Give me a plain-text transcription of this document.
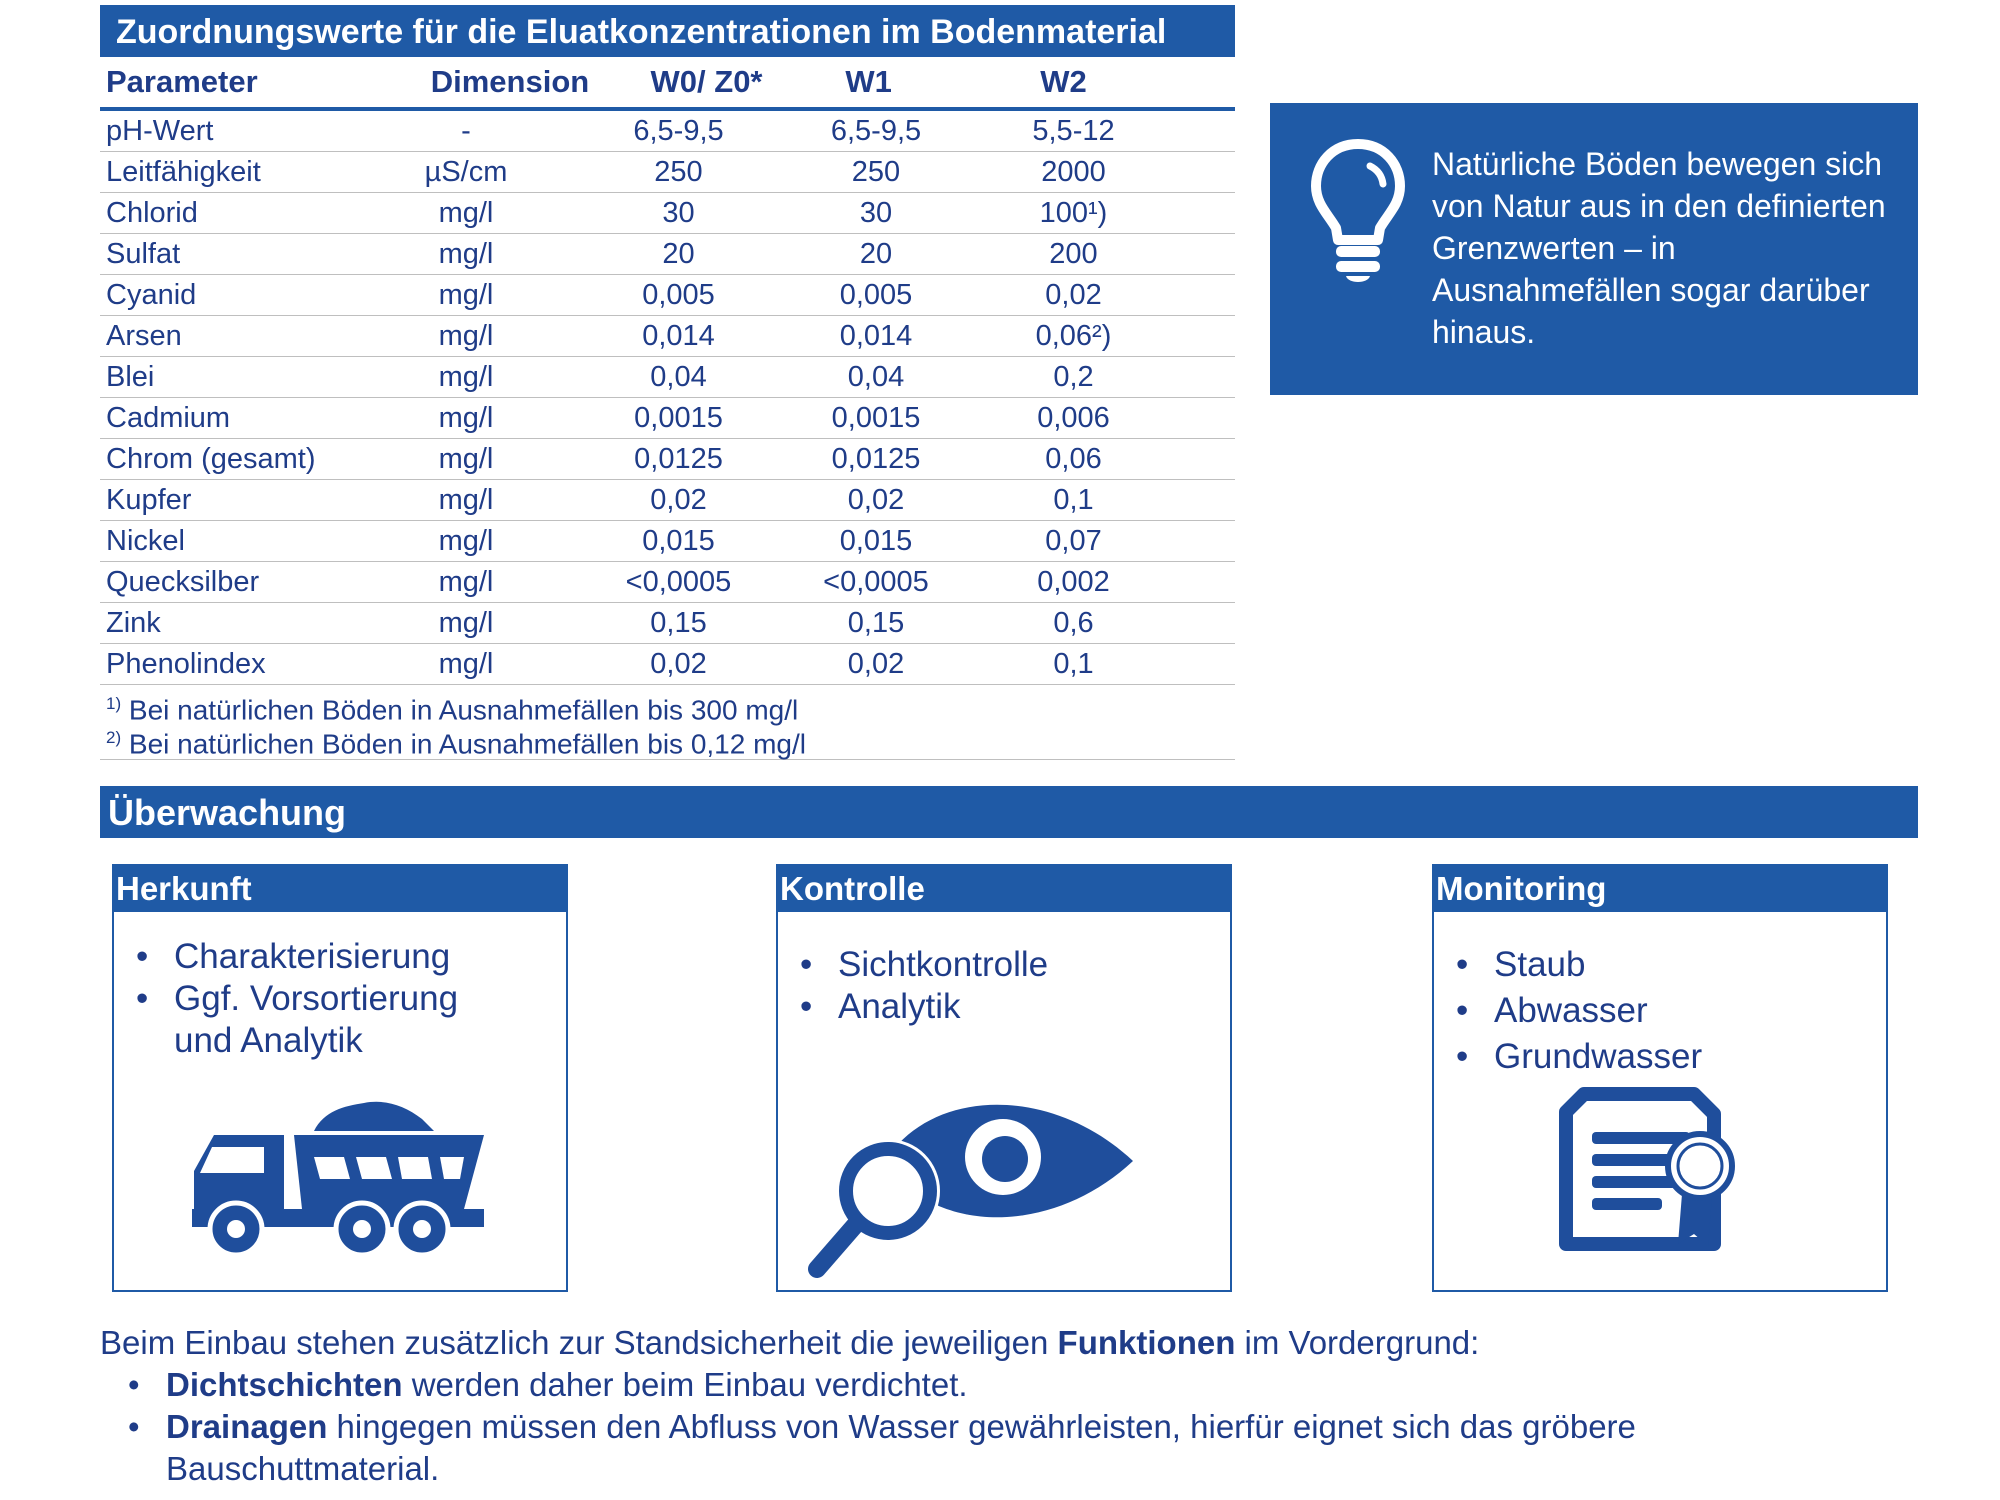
Zuordnungswerte für die Eluatkonzentrationen im Bodenmaterial
Parameter	Dimension	W0/ Z0*	W1	W2
pH-Wert	-	6,5-9,5	6,5-9,5	5,5-12
Leitfähigkeit	µS/cm	250	250	2000
Chlorid	mg/l	30	30	100¹)
Sulfat	mg/l	20	20	200
Cyanid	mg/l	0,005	0,005	0,02
Arsen	mg/l	0,014	0,014	0,06²)
Blei	mg/l	0,04	0,04	0,2
Cadmium	mg/l	0,0015	0,0015	0,006
Chrom (gesamt)	mg/l	0,0125	0,0125	0,06
Kupfer	mg/l	0,02	0,02	0,1
Nickel	mg/l	0,015	0,015	0,07
Quecksilber	mg/l	<0,0005	<0,0005	0,002
Zink	mg/l	0,15	0,15	0,6
Phenolindex	mg/l	0,02	0,02	0,1
$^{1)}$ Bei natürlichen Böden in Ausnahmefällen bis 300 mg/l
$^{2)}$ Bei natürlichen Böden in Ausnahmefällen bis 0,12 mg/l
Natürliche Böden bewegen sich von Natur aus in den definierten Grenzwerten – in Ausnahmefällen sogar darüber hinaus.
Überwachung
Herkunft
• Charakterisierung
• Ggf. Vorsortierung und Analytik
Kontrolle
• Sichtkontrolle
• Analytik
Monitoring
• Staub
• Abwasser
• Grundwasser
Beim Einbau stehen zusätzlich zur Standsicherheit die jeweiligen Funktionen im Vordergrund:
• Dichtschichten werden daher beim Einbau verdichtet.
• Drainagen hingegen müssen den Abfluss von Wasser gewährleisten, hierfür eignet sich das gröbere Bauschuttmaterial.
